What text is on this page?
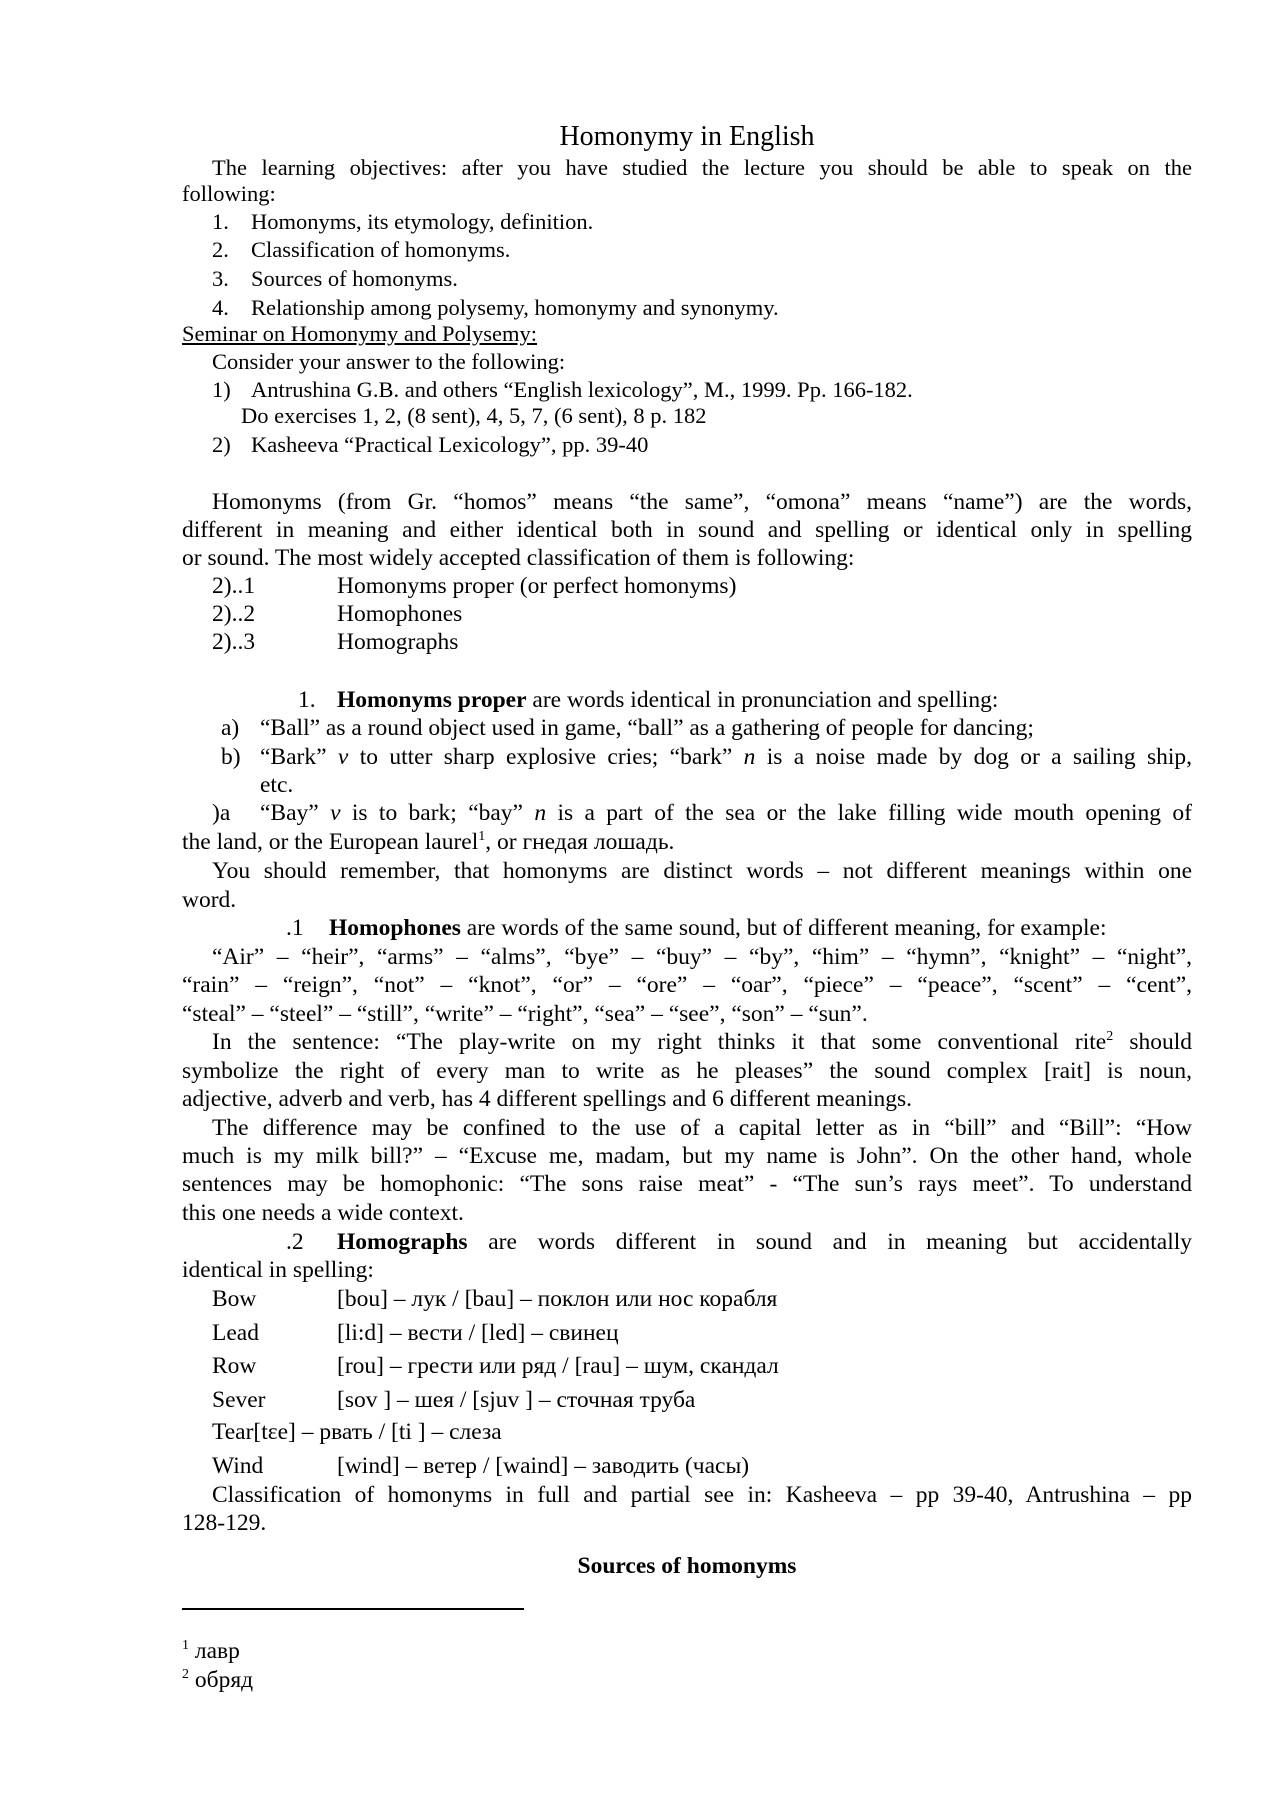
Homonymy in English
The learning objectives: after you have studied the lecture you should be able to speak on the
following:
1. Homonyms, its etymology, definition.
2. Classification of homonyms.
3. Sources of homonyms.
4. Relationship among polysemy, homonymy and synonymy.
Seminar on Homonymy and Polysemy:
Consider your answer to the following:
1) Antrushina G.B. and others “English lexicology”, M., 1999. Pp. 166-182.
Do exercises 1, 2, (8 sent), 4, 5, 7, (6 sent), 8 p. 182
2) Kasheeva “Practical Lexicology”, pp. 39-40
Homonyms (from Gr. “homos” means “the same”, “omona” means “name”) are the words,
different in meaning and either identical both in sound and spelling or identical only in spelling
or sound. The most widely accepted classification of them is following:
2)..1	Homonyms proper (or perfect homonyms)
2)..2	Homophones
2)..3	Homographs
1. Homonyms proper are words identical in pronunciation and spelling:
a) “Ball” as a round object used in game, “ball” as a gathering of people for dancing;
b) “Bark” v to utter sharp explosive cries; “bark” n is a noise made by dog or a sailing ship,
etc.
)a “Bay” v is to bark; “bay” n is a part of the sea or the lake filling wide mouth opening of
the land, or the European laurel$^1$, or гнедая лошадь.
You should remember, that homonyms are distinct words – not different meanings within one
word.
.1 Homophones are words of the same sound, but of different meaning, for example:
“Air” – “heir”, “arms” – “alms”, “bye” – “buy” – “by”, “him” – “hymn”, “knight” – “night”,
“rain” – “reign”, “not” – “knot”, “or” – “ore” – “oar”, “piece” – “peace”, “scent” – “cent”,
“steal” – “steel” – “still”, “write” – “right”, “sea” – “see”, “son” – “sun”.
In the sentence: “The play-write on my right thinks it that some conventional rite$^2$ should
symbolize the right of every man to write as he pleases” the sound complex [rait] is noun,
adjective, adverb and verb, has 4 different spellings and 6 different meanings.
The difference may be confined to the use of a capital letter as in “bill” and “Bill”: “How
much is my milk bill?” – “Excuse me, madam, but my name is John”. On the other hand, whole
sentences may be homophonic: “The sons raise meat” - “The sun’s rays meet”. To understand
this one needs a wide context.
.2 Homographs are words different in sound and in meaning but accidentally
identical in spelling:
Bow	[bou] – лук / [bau] – поклон или нос корабля
Lead	[li:d] – вести / [led] – свинец
Row	[rou] – грести или ряд / [rau] – шум, скандал
Sever	[sov ] – шея / [sjuv ] – сточная труба
Tear[tɛe] – рвать / [ti ] – слеза
Wind	[wind] – ветер / [waind] – заводить (часы)
Classification of homonyms in full and partial see in: Kasheeva – pp 39-40, Antrushina – pp
128-129.
Sources of homonyms
$^1$ лавр
$^2$ обряд
